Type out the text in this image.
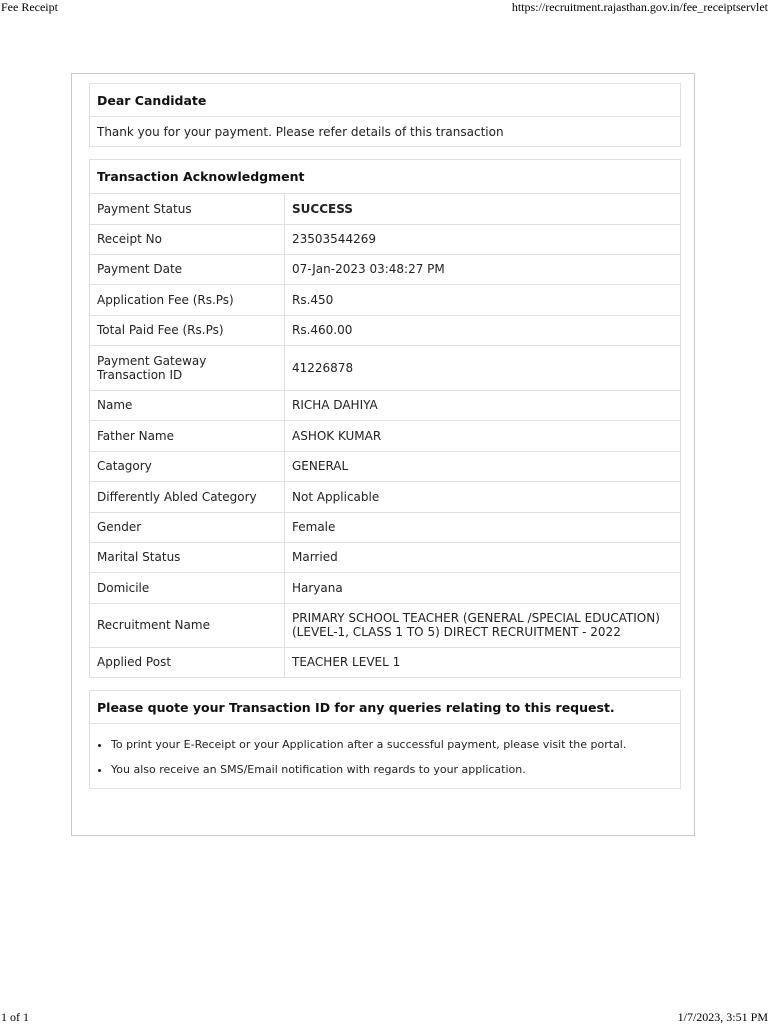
Fee Receipt	https://recruitment.rajasthan.gov.in/fee_receiptservlet
Dear Candidate
Thank you for your payment. Please refer details of this transaction
Transaction Acknowledgment
Payment Status	SUCCESS
Receipt No	23503544269
Payment Date	07-Jan-2023 03:48:27 PM
Application Fee (Rs.Ps)	Rs.450
Total Paid Fee (Rs.Ps)	Rs.460.00
Payment Gateway Transaction ID	41226878
Name	RICHA DAHIYA
Father Name	ASHOK KUMAR
Catagory	GENERAL
Differently Abled Category	Not Applicable
Gender	Female
Marital Status	Married
Domicile	Haryana
Recruitment Name	PRIMARY SCHOOL TEACHER (GENERAL /SPECIAL EDUCATION) (LEVEL-1, CLASS 1 TO 5) DIRECT RECRUITMENT - 2022
Applied Post	TEACHER LEVEL 1
Please quote your Transaction ID for any queries relating to this request.
• To print your E-Receipt or your Application after a successful payment, please visit the portal.
• You also receive an SMS/Email notification with regards to your application.
1 of 1	1/7/2023, 3:51 PM
